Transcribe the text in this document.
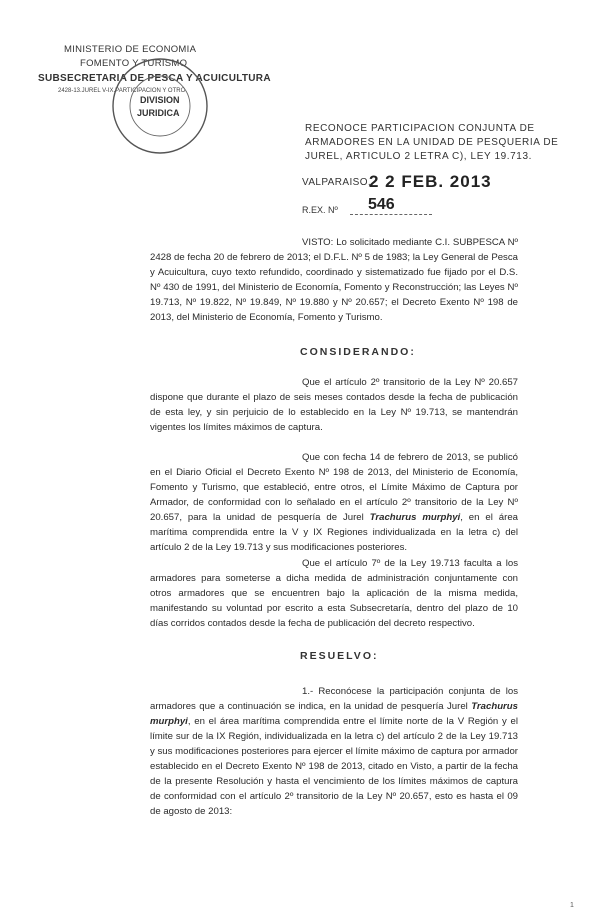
MINISTERIO DE ECONOMIA
FOMENTO Y TURISMO
SUBSECRETARIA DE PESCA Y ACUICULTURA
2428-13.JUREL V-IX.PARTICIPACION Y OTRO
DIVISION
JURIDICA
RECONOCE PARTICIPACION CONJUNTA DE
ARMADORES EN LA UNIDAD DE PESQUERIA DE
JUREL, ARTICULO 2 LETRA C), LEY 19.713.
VALPARAISO,
2 2 FEB. 2013
R.EX. Nº 546
VISTO: Lo solicitado mediante C.I. SUBPESCA Nº 2428 de fecha 20 de febrero de 2013; el D.F.L. Nº 5 de 1983; la Ley General de Pesca y Acuicultura, cuyo texto refundido, coordinado y sistematizado fue fijado por el D.S. Nº 430 de 1991, del Ministerio de Economía, Fomento y Reconstrucción; las Leyes Nº 19.713, Nº 19.822, Nº 19.849, Nº 19.880 y Nº 20.657; el Decreto Exento Nº 198 de 2013, del Ministerio de Economía, Fomento y Turismo.
CONSIDERANDO:
Que el artículo 2º transitorio de la Ley Nº 20.657 dispone que durante el plazo de seis meses contados desde la fecha de publicación de esta ley, y sin perjuicio de lo establecido en la Ley Nº 19.713, se mantendrán vigentes los límites máximos de captura.
Que con fecha 14 de febrero de 2013, se publicó en el Diario Oficial el Decreto Exento Nº 198 de 2013, del Ministerio de Economía, Fomento y Turismo, que estableció, entre otros, el Límite Máximo de Captura por Armador, de conformidad con lo señalado en el artículo 2º transitorio de la Ley Nº 20.657, para la unidad de pesquería de Jurel Trachurus murphyi, en el área marítima comprendida entre la V y IX Regiones individualizada en la letra c) del artículo 2 de la Ley 19.713 y sus modificaciones posteriores.
Que el artículo 7º de la Ley 19.713 faculta a los armadores para someterse a dicha medida de administración conjuntamente con otros armadores que se encuentren bajo la aplicación de la misma medida, manifestando su voluntad por escrito a esta Subsecretaría, dentro del plazo de 10 días corridos contados desde la fecha de publicación del decreto respectivo.
RESUELVO:
1.- Reconócese la participación conjunta de los armadores que a continuación se indica, en la unidad de pesquería Jurel Trachurus murphyi, en el área marítima comprendida entre el límite norte de la V Región y el límite sur de la IX Región, individualizada en la letra c) del artículo 2 de la Ley 19.713 y sus modificaciones posteriores para ejercer el límite máximo de captura por armador establecido en el Decreto Exento Nº 198 de 2013, citado en Visto, a partir de la fecha de la presente Resolución y hasta el vencimiento de los límites máximos de captura de conformidad con el artículo 2º transitorio de la Ley Nº 20.657, esto es hasta el 09 de agosto de 2013:
1
